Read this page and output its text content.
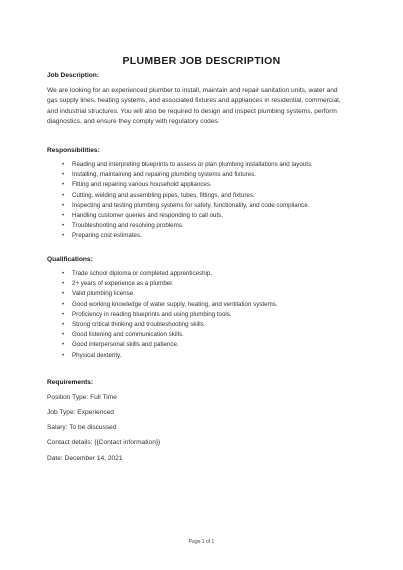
PLUMBER JOB DESCRIPTION
Job Description:
We are looking for an experienced plumber to install, maintain and repair sanitation units, water and
gas supply lines, heating systems, and associated fixtures and appliances in residential, commercial,
and industrial structures. You will also be required to design and inspect plumbing systems, perform
diagnostics, and ensure they comply with regulatory codes.
Responsibilities:
• Reading and interpreting blueprints to assess or plan plumbing installations and layouts.
• Installing, maintaining and repairing plumbing systems and fixtures.
• Fitting and repairing various household appliances.
• Cutting, welding and assembling pipes, tubes, fittings, and fixtures.
• Inspecting and testing plumbing systems for safety, functionality, and code compliance.
• Handling customer queries and responding to call outs.
• Troubleshooting and resolving problems.
• Preparing cost estimates.
Qualifications:
• Trade school diploma or completed apprenticeship.
• 2+ years of experience as a plumber.
• Valid plumbing license.
• Good working knowledge of water supply, heating, and ventilation systems.
• Proficiency in reading blueprints and using plumbing tools.
• Strong critical thinking and troubleshooting skills.
• Good listening and communication skills.
• Good interpersonal skills and patience.
• Physical dexterity.
Requirements:
Position Type: Full Time
Job Type: Experienced
Salary: To be discussed
Contact details: {{Contact information}}
Date: December 14, 2021
Page 1 of 1
